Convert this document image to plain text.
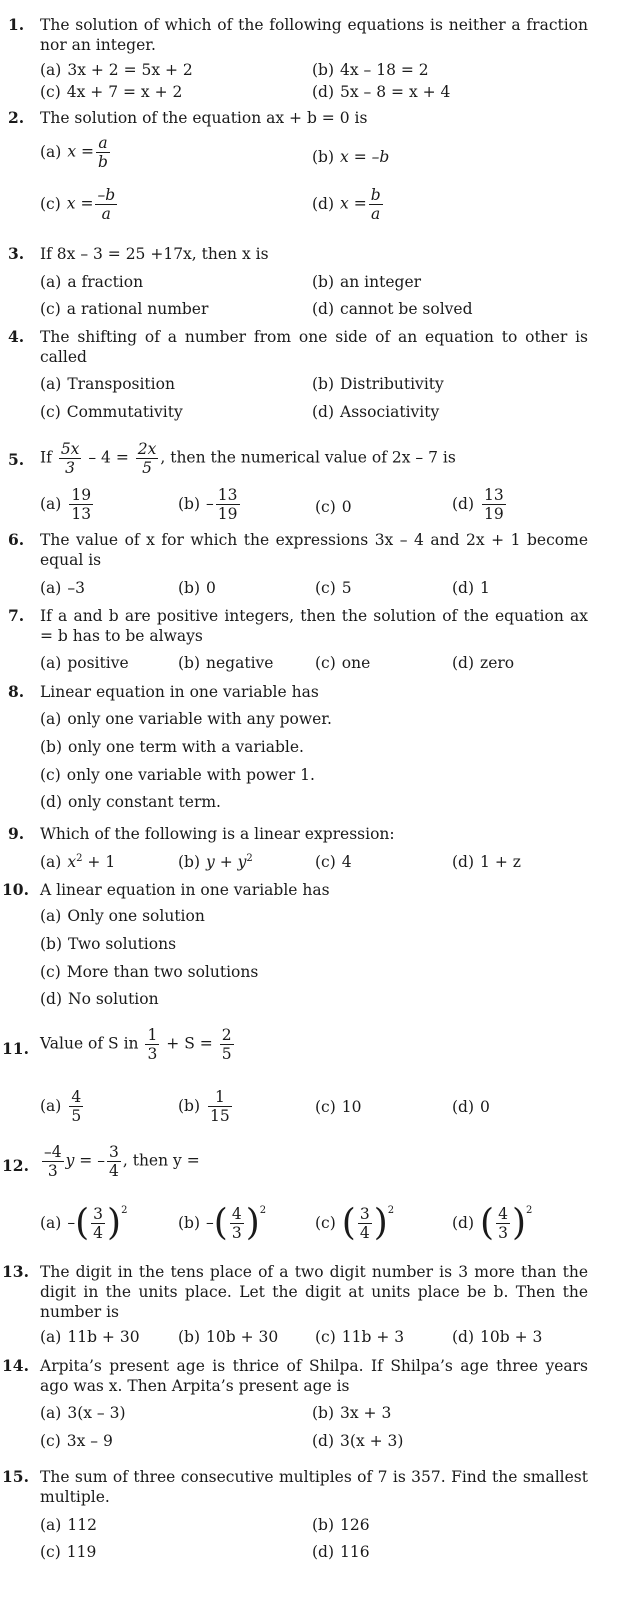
1. The solution of which of the following equations is neither a fraction nor an integer.
(a) 3x + 2 = 5x + 2	(b) 4x – 18 = 2
(c) 4x + 7 = x + 2	(d) 5x – 8 = x + 4
2. The solution of the equation ax + b = 0 is
(a) $x = \frac{a}{b}$	(b) x = –b
(c) $x = \frac{-b}{a}$	(d) $x = \frac{b}{a}$
3. If 8x – 3 = 25 +17x, then x is
(a) a fraction	(b) an integer
(c) a rational number	(d) cannot be solved
4. The shifting of a number from one side of an equation to other is called
(a) Transposition	(b) Distributivity
(c) Commutativity	(d) Associativity
5. If $\frac{5x}{3} - 4 = \frac{2x}{5}$ , then the numerical value of 2x – 7 is
$(a) \frac{19}{13}$	$(b) - \frac{13}{19}$	(c) 0	$(d) \frac{13}{19}$
6. The value of x for which the expressions 3x – 4 and 2x + 1 become equal is
(a) –3	(b) 0	(c) 5	(d) 1
7. If a and b are positive integers, then the solution of the equation ax = b has to be always
(a) positive	(b) negative	(c) one	(d) zero
8. Linear equation in one variable has
(a) only one variable with any power.
(b) only one term with a variable.
(c) only one variable with power 1.
(d) only constant term.
9. Which of the following is a linear expression:
(a) $x^2 + 1$	(b) $y + y^2$	(c) 4	(d) 1 + z
10. A linear equation in one variable has
(a) Only one solution
(b) Two solutions
(c) More than two solutions
(d) No solution
11. Value of S in $\frac{1}{3} + S = \frac{2}{5}$
$(a) \frac{4}{5}$	$(b) \frac{1}{15}$	(c) 10	(d) 0
12. $\frac{-4}{3}$ y = – $\frac{3}{4}$ , then y =
(a) –( $\frac{3}{4} )^2$
(b) –( $\frac{4}{3} )^2$
(c) ( $\frac{3}{4} )^2$
(d) ( $\frac{4}{3} )^2$
13. The digit in the tens place of a two digit number is 3 more than the digit in the units place. Let the digit at units place be b. Then the number is
(a) 11b + 30 (b) 10b + 30 (c) 11b + 3	(d) 10b + 3
14. Arpita’s present age is thrice of Shilpa. If Shilpa’s age three years ago was x. Then Arpita’s present age is
(a) 3(x – 3)	(b) 3x + 3
(c) 3x – 9	(d) 3(x + 3)
15. The sum of three consecutive multiples of 7 is 357. Find the smallest multiple.
(a) 112	(b) 126
(c) 119	(d) 116
